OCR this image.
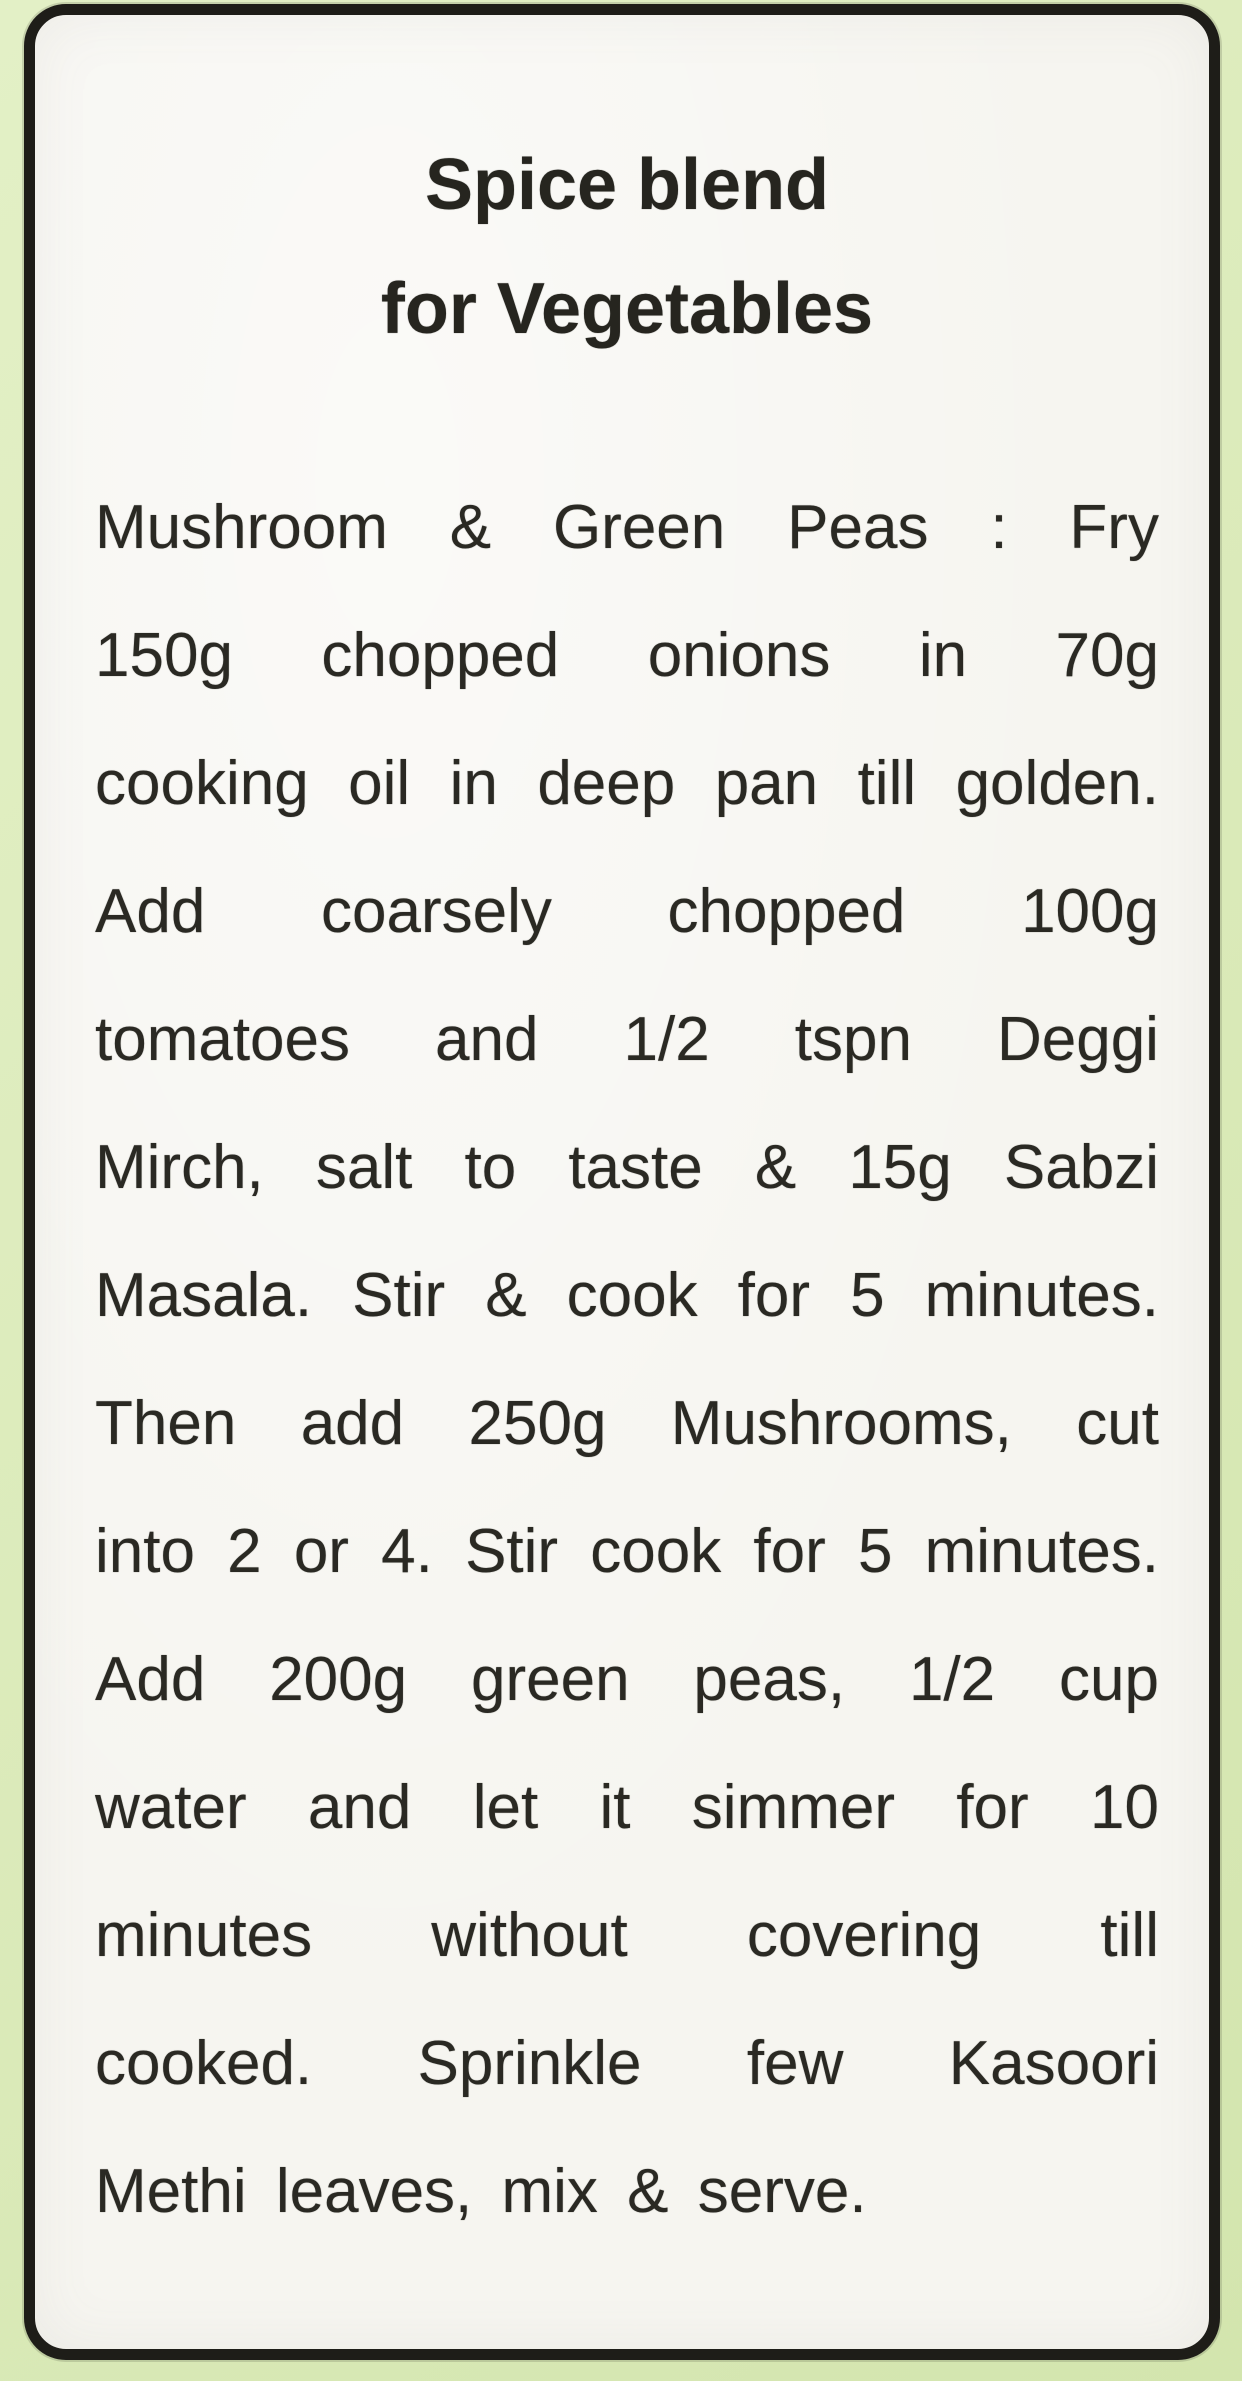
Spice blend
for Vegetables
Mushroom & Green Peas : Fry
150g chopped onions in 70g
cooking oil in deep pan till golden.
Add coarsely chopped 100g
tomatoes and 1/2 tspn Deggi
Mirch, salt to taste & 15g Sabzi
Masala. Stir & cook for 5 minutes.
Then add 250g Mushrooms, cut
into 2 or 4. Stir cook for 5 minutes.
Add 200g green peas, 1/2 cup
water and let it simmer for 10
minutes without covering till
cooked. Sprinkle few Kasoori
Methi leaves, mix & serve.
